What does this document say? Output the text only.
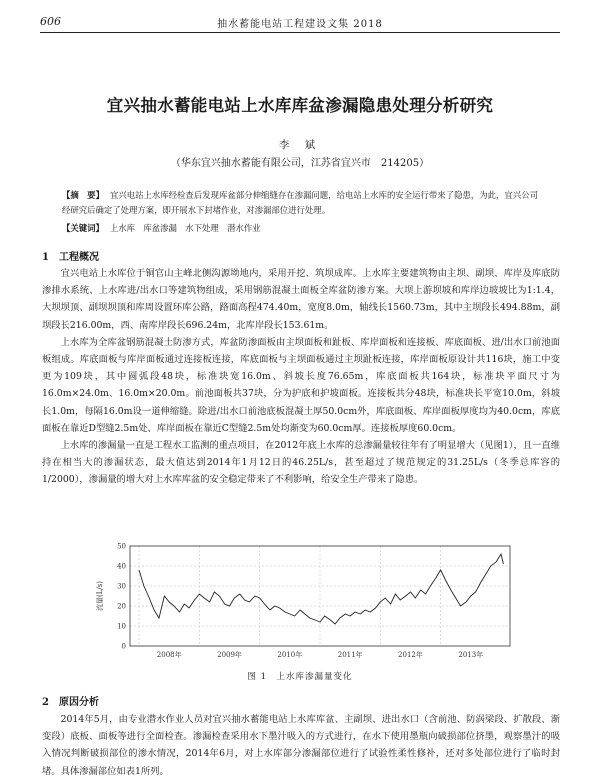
606	抽水蓄能电站工程建设文集 2018
宜兴抽水蓄能电站上水库库盆渗漏隐患处理分析研究
李 斌
（华东宜兴抽水蓄能有限公司，江苏省宜兴市　214205）
【摘　要】 宜兴电站上水库经检查后发现库盆部分伸缩缝存在渗漏问题，给电站上水库的安全运行带来了隐患，为此，宜兴公司经研究后确定了处理方案，即开展水下封堵作业，对渗漏部位进行处理。
【关键词】 上水库　库盆渗漏　水下处理　潜水作业
1　工程概况

宜兴电站上水库位于铜官山主峰北侧沟源坳地内，采用开挖、筑坝成库。上水库主要建筑物由主坝、副坝、库岸及库底防渗排水系统、上水库进/出水口等建筑物组成，采用钢筋混凝土面板全库盆防渗方案。大坝上游坝坡和库岸边坡坡比为1:1.4，大坝坝顶、副坝坝顶和库周设置环库公路，路面高程474.40m，宽度8.0m，轴线长1560.73m，其中主坝段长494.88m，副坝段长216.00m，西、南库岸段长696.24m，北库岸段长153.61m。

上水库为全库盆钢筋混凝土防渗方式，库盆防渗面板由主坝面板和趾板、库岸面板和连接板、库底面板、进/出水口前池面板组成。库底面板与库岸面板通过连接板连接，库底面板与主坝面板通过主坝趾板连接，库岸面板原设计共116块，施工中变更为109块，其中圆弧段48块，标准块宽16.0m、斜坡长度76.65m，库底面板共164块，标准块平面尺寸为16.0m×24.0m、16.0m×20.0m。前池面板共37块，分为护底和护坡面板。连接板共分48块，标准块长平宽10.0m，斜坡长1.0m，每隔16.0m设一道伸缩缝。除进/出水口前池底板混凝土厚50.0cm外，库底面板、库岸面板厚度均为40.0cm，库底面板在靠近D型缝2.5m处、库岸面板在靠近C型缝2.5m处均渐变为60.0cm厚。连接板厚度60.0cm。

上水库的渗漏量一直是工程水工监测的重点项目，在2012年底上水库的总渗漏量较往年有了明显增大（见图1），且一直维持在相当大的渗漏状态，最大值达到2014年1月12日的46.25L/s，甚至超过了规范规定的31.25L/s（冬季总库容的1/2000），渗漏量的增大对上水库库盆的安全稳定带来了不利影响，给安全生产带来了隐患。

0
10
20
30
40
50
2008年	2009年	2010年	2011年	2012年	2013年
流量(L/s)
图 1　上水库渗漏量变化
2　原因分析

2014年5月，由专业潜水作业人员对宜兴抽水蓄能电站上水库库盆、主副坝、进出水口（含前池、防涡梁段、扩散段、渐变段）底板、面板等进行全面检查。渗漏检查采用水下墨汁吸入的方式进行，在水下使用墨瓶向破损部位挤墨，观察墨汁的吸入情况判断破损部位的渗水情况，2014年6月，对上水库部分渗漏部位进行了试验性柔性修补，还对多处部位进行了临时封堵。具体渗漏部位如表1所列。
